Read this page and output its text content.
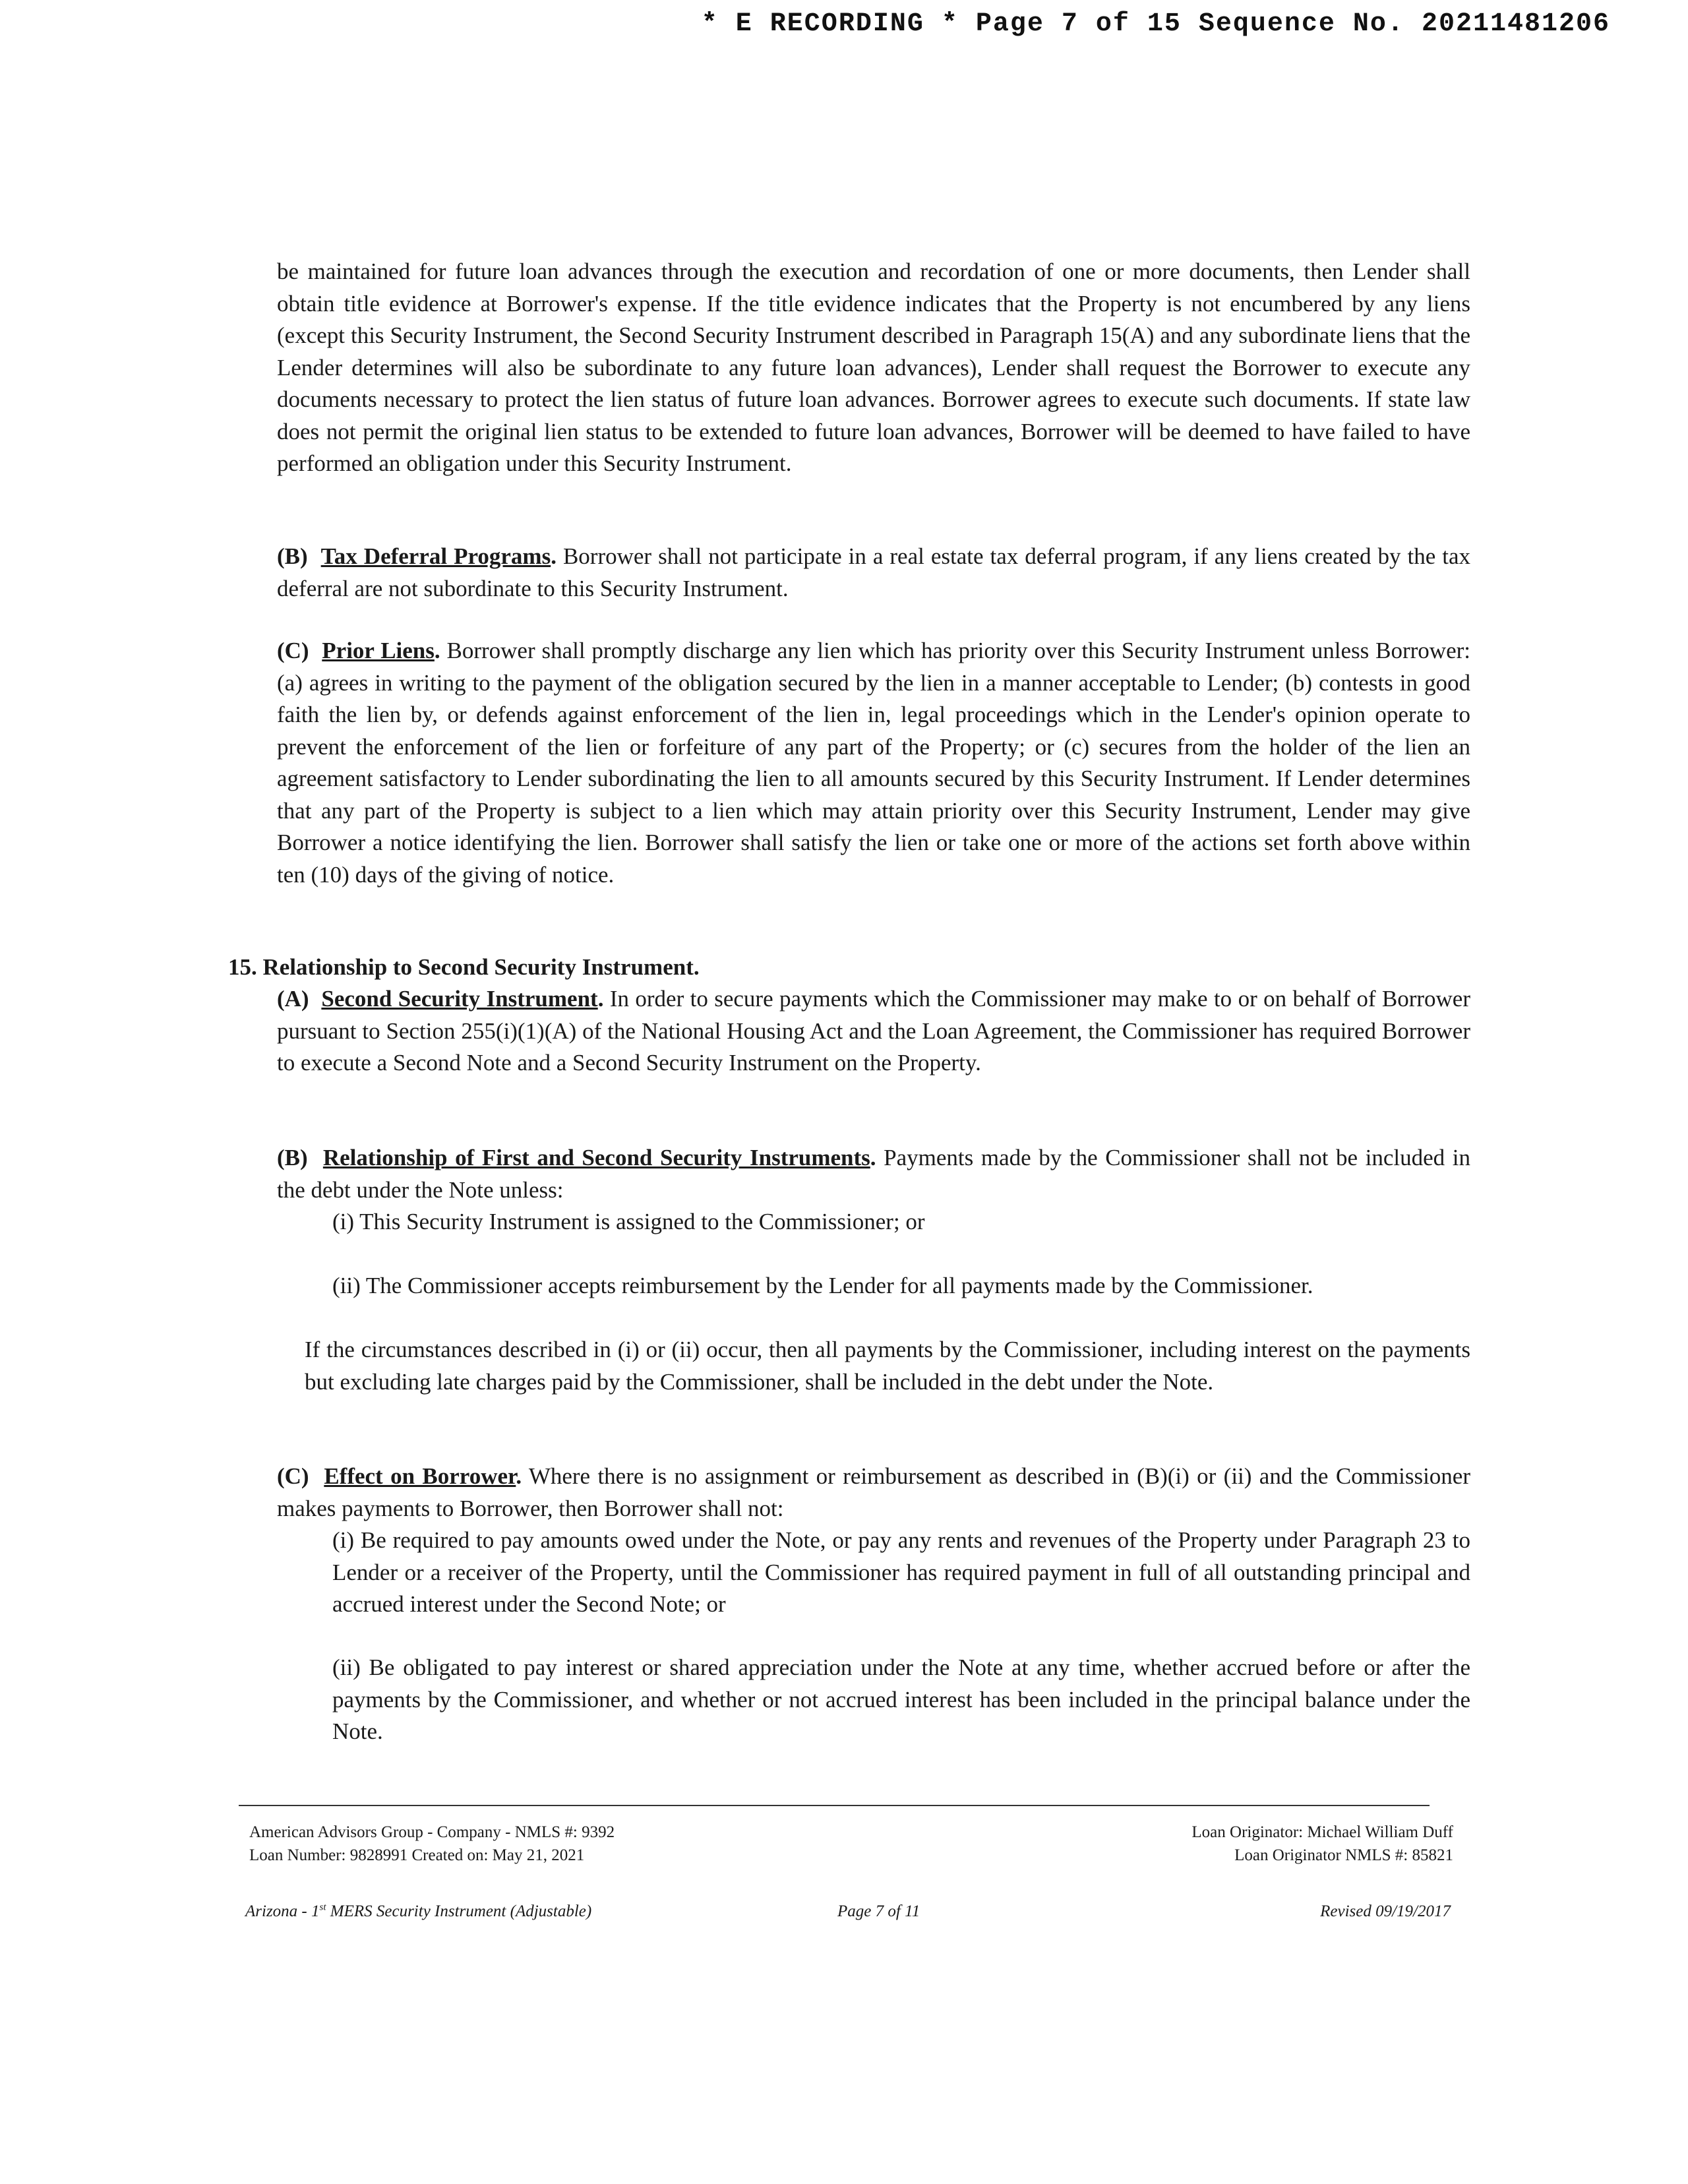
* E RECORDING * Page 7 of 15 Sequence No. 20211481206

be maintained for future loan advances through the execution and recordation of one or more documents, then Lender shall obtain title evidence at Borrower's expense. If the title evidence indicates that the Property is not encumbered by any liens (except this Security Instrument, the Second Security Instrument described in Paragraph 15(A) and any subordinate liens that the Lender determines will also be subordinate to any future loan advances), Lender shall request the Borrower to execute any documents necessary to protect the lien status of future loan advances. Borrower agrees to execute such documents. If state law does not permit the original lien status to be extended to future loan advances, Borrower will be deemed to have failed to have performed an obligation under this Security Instrument.

(B) Tax Deferral Programs. Borrower shall not participate in a real estate tax deferral program, if any liens created by the tax deferral are not subordinate to this Security Instrument.

(C) Prior Liens. Borrower shall promptly discharge any lien which has priority over this Security Instrument unless Borrower: (a) agrees in writing to the payment of the obligation secured by the lien in a manner acceptable to Lender; (b) contests in good faith the lien by, or defends against enforcement of the lien in, legal proceedings which in the Lender's opinion operate to prevent the enforcement of the lien or forfeiture of any part of the Property; or (c) secures from the holder of the lien an agreement satisfactory to Lender subordinating the lien to all amounts secured by this Security Instrument. If Lender determines that any part of the Property is subject to a lien which may attain priority over this Security Instrument, Lender may give Borrower a notice identifying the lien. Borrower shall satisfy the lien or take one or more of the actions set forth above within ten (10) days of the giving of notice.

15. Relationship to Second Security Instrument.

(A) Second Security Instrument. In order to secure payments which the Commissioner may make to or on behalf of Borrower pursuant to Section 255(i)(1)(A) of the National Housing Act and the Loan Agreement, the Commissioner has required Borrower to execute a Second Note and a Second Security Instrument on the Property.

(B) Relationship of First and Second Security Instruments. Payments made by the Commissioner shall not be included in the debt under the Note unless:

(i) This Security Instrument is assigned to the Commissioner; or
(ii) The Commissioner accepts reimbursement by the Lender for all payments made by the Commissioner.

If the circumstances described in (i) or (ii) occur, then all payments by the Commissioner, including interest on the payments but excluding late charges paid by the Commissioner, shall be included in the debt under the Note.

(C) Effect on Borrower. Where there is no assignment or reimbursement as described in (B)(i) or (ii) and the Commissioner makes payments to Borrower, then Borrower shall not:

(i) Be required to pay amounts owed under the Note, or pay any rents and revenues of the Property under Paragraph 23 to Lender or a receiver of the Property, until the Commissioner has required payment in full of all outstanding principal and accrued interest under the Second Note; or

(ii) Be obligated to pay interest or shared appreciation under the Note at any time, whether accrued before or after the payments by the Commissioner, and whether or not accrued interest has been included in the principal balance under the Note.

American Advisors Group - Company - NMLS #: 9392
Loan Number: 9828991 Created on: May 21, 2021
Loan Originator: Michael William Duff
Loan Originator NMLS #: 85821
Arizona - 1st MERS Security Instrument (Adjustable)	Page 7 of 11	Revised 09/19/2017
